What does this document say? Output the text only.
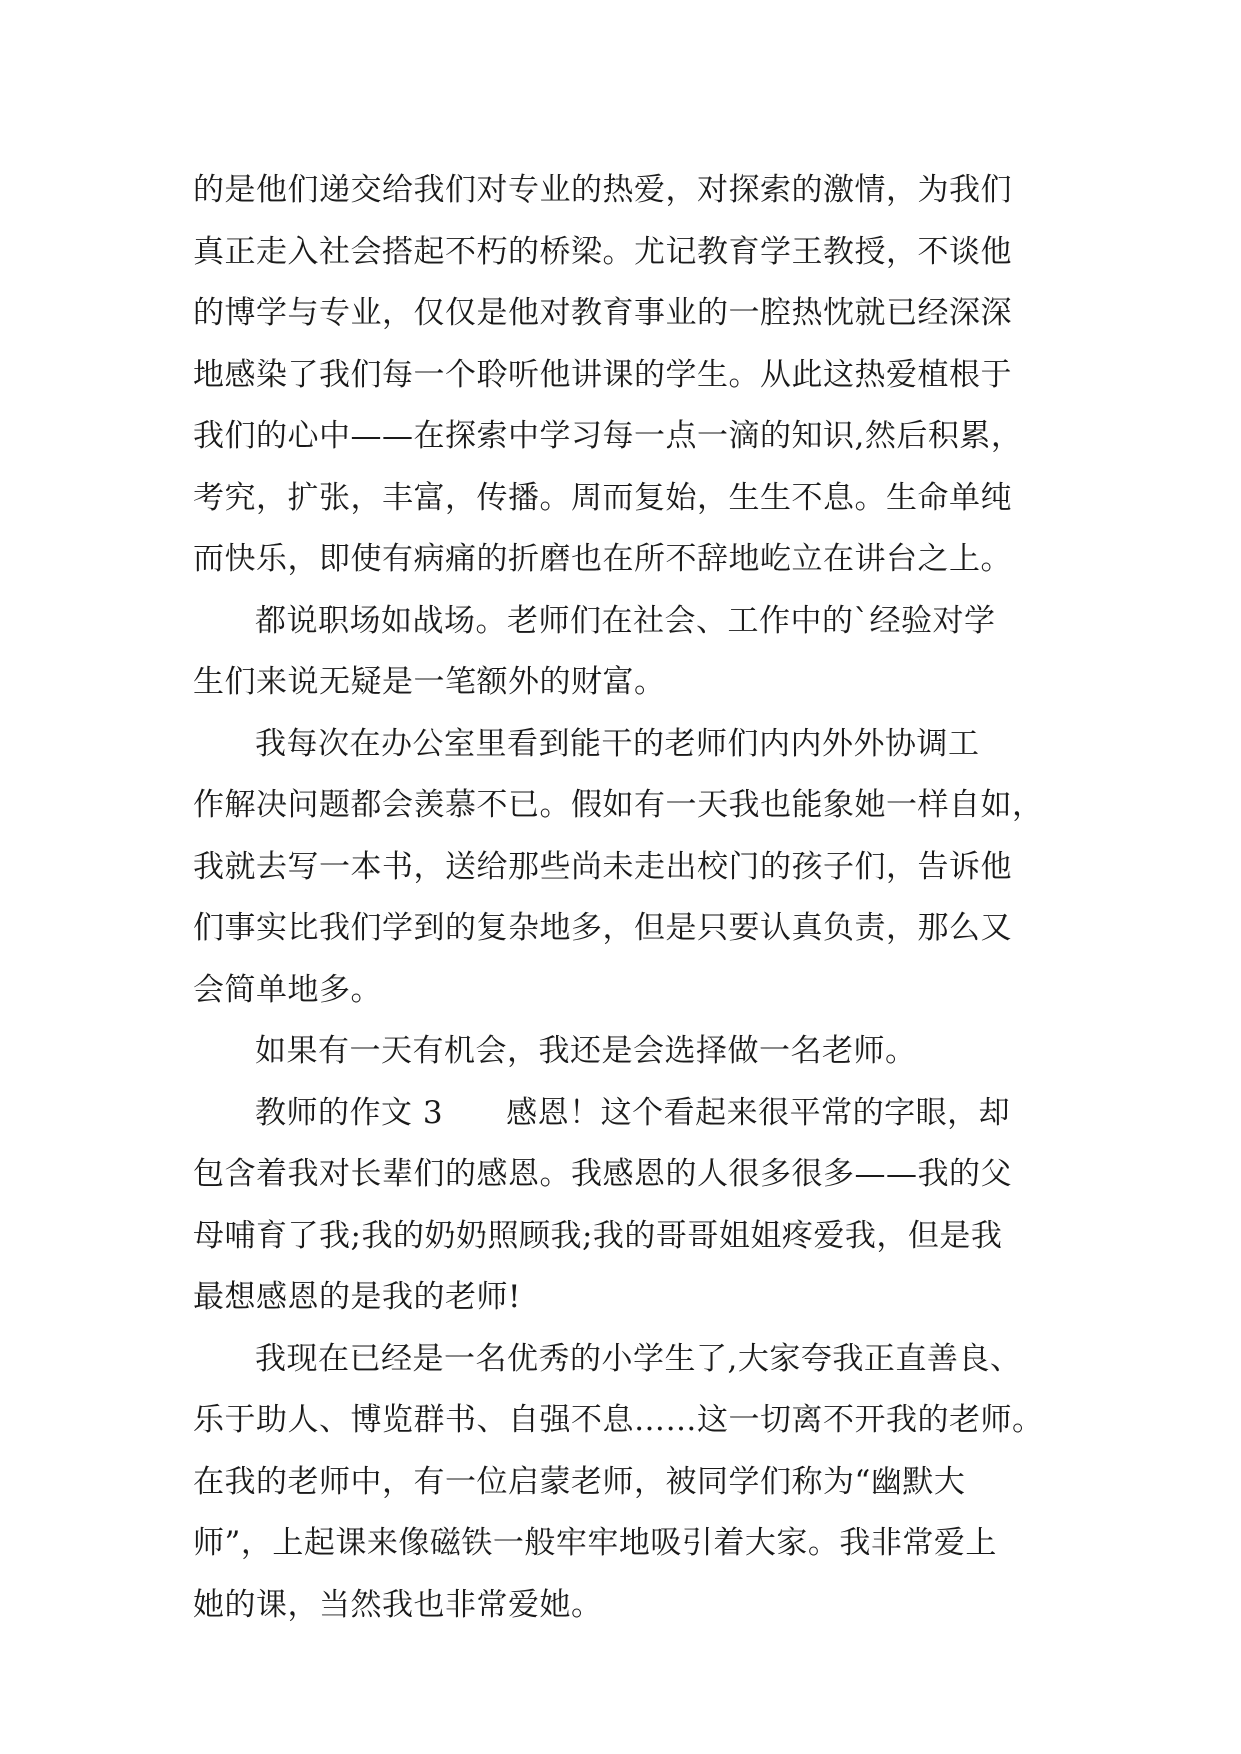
的是他们递交给我们对专业的热爱，对探索的激情，为我们
真正走入社会搭起不朽的桥梁。尤记教育学王教授，不谈他
的博学与专业，仅仅是他对教育事业的一腔热忱就已经深深
地感染了我们每一个聆听他讲课的学生。从此这热爱植根于
我们的心中——在探索中学习每一点一滴的知识,然后积累，
考究，扩张，丰富，传播。周而复始，生生不息。生命单纯
而快乐，即使有病痛的折磨也在所不辞地屹立在讲台之上。
都说职场如战场。老师们在社会、工作中的`经验对学
生们来说无疑是一笔额外的财富。
我每次在办公室里看到能干的老师们内内外外协调工
作解决问题都会羡慕不已。假如有一天我也能象她一样自如，
我就去写一本书，送给那些尚未走出校门的孩子们，告诉他
们事实比我们学到的复杂地多，但是只要认真负责，那么又
会简单地多。
如果有一天有机会，我还是会选择做一名老师。
教师的作文 3　　感恩！这个看起来很平常的字眼，却
包含着我对长辈们的感恩。我感恩的人很多很多——我的父
母哺育了我;我的奶奶照顾我;我的哥哥姐姐疼爱我，但是我
最想感恩的是我的老师!
我现在已经是一名优秀的小学生了,大家夸我正直善良、
乐于助人、博览群书、自强不息……这一切离不开我的老师。
在我的老师中，有一位启蒙老师，被同学们称为“幽默大
师”，上起课来像磁铁一般牢牢地吸引着大家。我非常爱上
她的课，当然我也非常爱她。
